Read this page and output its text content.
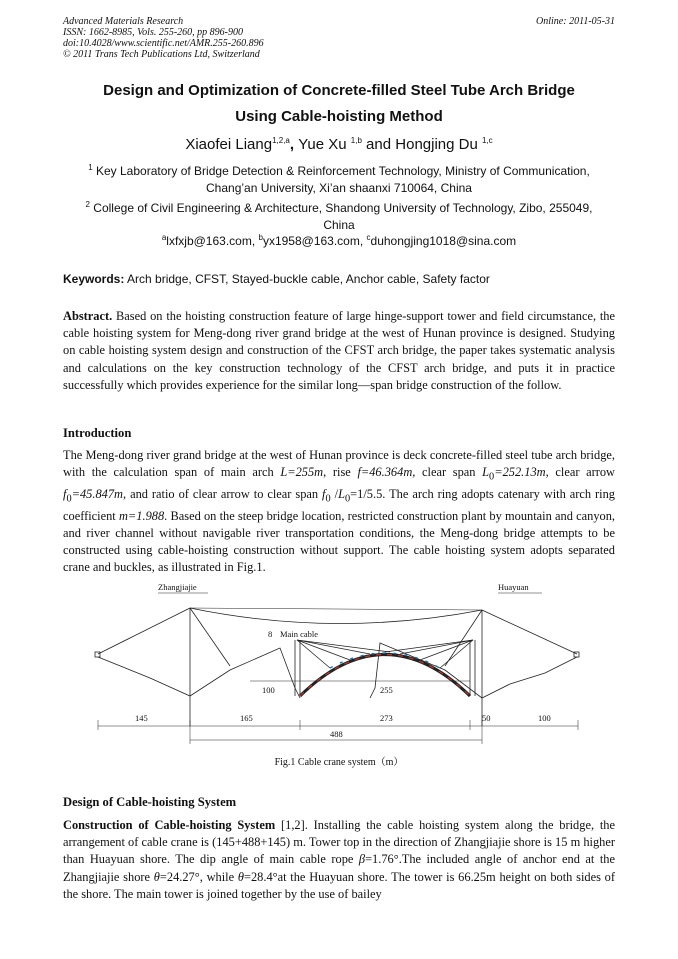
Advanced Materials Research
ISSN: 1662-8985, Vols. 255-260, pp 896-900
doi:10.4028/www.scientific.net/AMR.255-260.896
© 2011 Trans Tech Publications Ltd, Switzerland
Online: 2011-05-31
Design and Optimization of Concrete-filled Steel Tube Arch Bridge
Using Cable-hoisting Method
Xiaofei Liang$^{1,2,a}$, Yue Xu $^{1,b}$ and Hongjing Du $^{1,c}$
$^1$ Key Laboratory of Bridge Detection & Reinforcement Technology, Ministry of Communication,
Chang’an University, Xi’an shaanxi 710064, China
$^2$ College of Civil Engineering & Architecture, Shandong University of Technology, Zibo, 255049,
China
$^a$lxfxjb@163.com, $^b$yx1958@163.com, $^c$duhongjing1018@sina.com
Keywords: Arch bridge, CFST, Stayed-buckle cable, Anchor cable, Safety factor
Abstract. Based on the hoisting construction feature of large hinge-support tower and field circumstance, the cable hoisting system for Meng-dong river grand bridge at the west of Hunan province is designed. Studying on cable hoisting system design and construction of the CFST arch bridge, the paper takes systematic analysis and calculations on the key construction technology of the CFST arch bridge, and puts it in practice successfully which provides experience for the similar long—span bridge construction of the follow.
Introduction
The Meng-dong river grand bridge at the west of Hunan province is deck concrete-filled steel tube arch bridge, with the calculation span of main arch L=255m, rise f=46.364m, clear span $L_0=252.13m$, clear arrow $f_0=45.847m$, and ratio of clear arrow to clear span $f_0$ $/L_0=1/5.5$. The arch ring adopts catenary with arch ring coefficient m=1.988. Based on the steep bridge location, restricted construction plant by mountain and canyon, and river channel without navigable river transportation conditions, the Meng-dong bridge attempts to be constructed using cable-hoisting construction without support. The cable hoisting system adopts separated crane and buckles, as illustrated in Fig.1.
Zhangjiajie	Huayuan
8 Main cable
100	255
145	165	273	50	100
488
Fig.1 Cable crane system（m）
Design of Cable-hoisting System
Construction of Cable-hoisting System [1,2]. Installing the cable hoisting system along the bridge, the arrangement of cable crane is (145+488+145) m. Tower top in the direction of Zhangjiajie shore is 15 m higher than Huayuan shore. The dip angle of main cable rope β=1.76°.The included angle of anchor end at the Zhangjiajie shore θ=24.27°, while θ=28.4°at the Huayuan shore. The tower is 66.25m height on both sides of the shore. The main tower is joined together by the use of bailey
